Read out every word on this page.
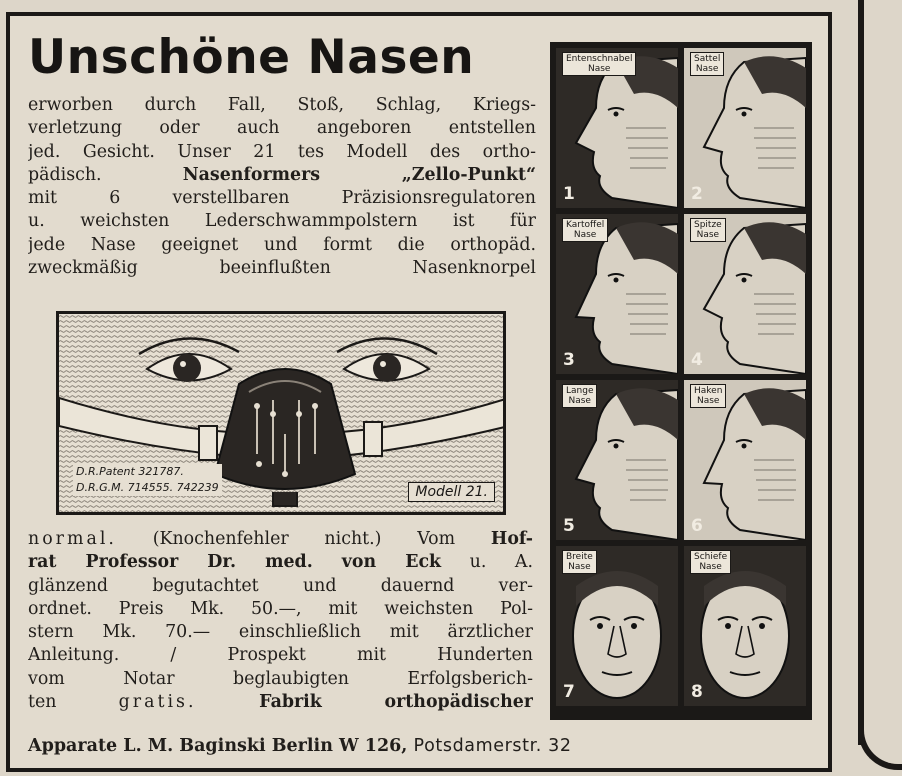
Unschöne Nasen
erworben durch Fall, Stoß, Schlag, Kriegs-
verletzung oder auch angeboren entstellen
jed. Gesicht. Unser 21 tes Modell des ortho-
pädisch. Nasenformers „Zello-Punkt“
mit 6 verstellbaren Präzisionsregulatoren
u. weichsten Lederschwammpolstern ist für
jede Nase geeignet und formt die orthopäd.
zweckmäßig beeinflußten Nasenknorpel
D.R.Patent 321787.
D.R.G.M. 714555. 742239	Modell 21.
normal. (Knochenfehler nicht.) Vom Hof-
rat Professor Dr. med. von Eck u. A.
glänzend begutachtet und dauernd ver-
ordnet. Preis Mk. 50.—, mit weichsten Pol-
stern Mk. 70.— einschließlich mit ärztlicher
Anleitung. / Prospekt mit Hunderten
vom Notar beglaubigten Erfolgsberich-
ten gratis. Fabrik orthopädischer
Apparate L. M. Baginski Berlin W 126, Potsdamerstr. 32
Entenschnabel
Nase
1
Sattel
Nase
2
Kartoffel
Nase
3
Spitze
Nase
4
Lange
Nase
5
Haken
Nase
6
Breite
Nase
7
Schiefe
Nase
8
